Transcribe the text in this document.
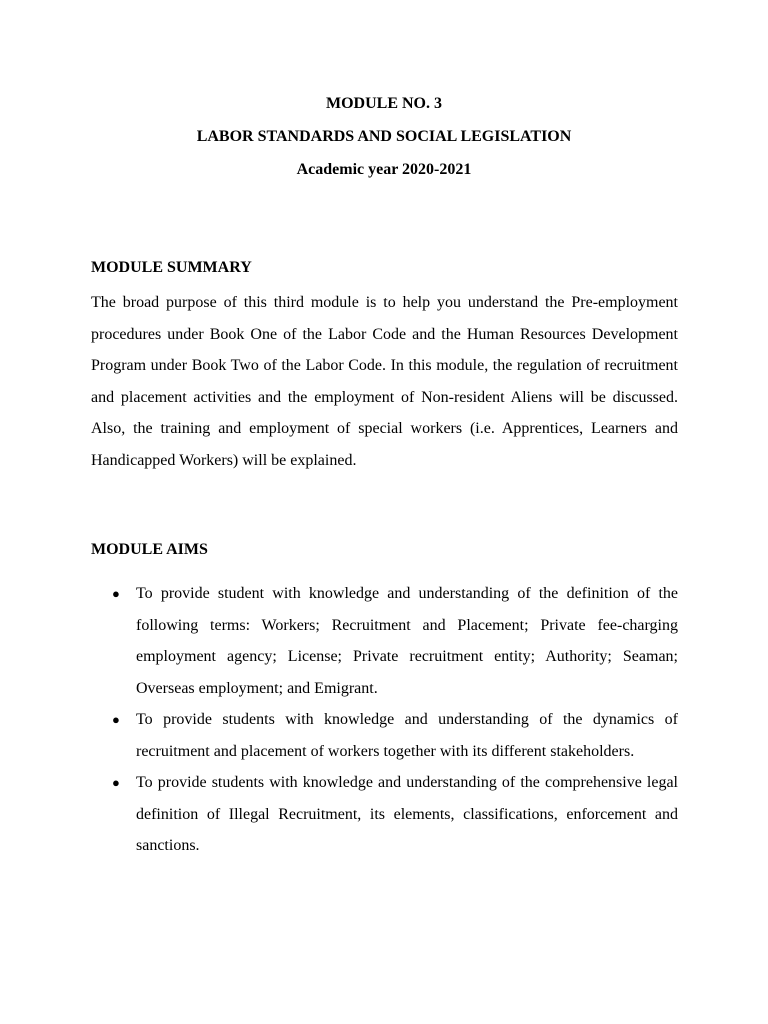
MODULE NO. 3

LABOR STANDARDS AND SOCIAL LEGISLATION

Academic year 2020-2021

MODULE SUMMARY

The broad purpose of this third module is to help you understand the Pre-employment procedures under Book One of the Labor Code and the Human Resources Development Program under Book Two of the Labor Code. In this module, the regulation of recruitment and placement activities and the employment of Non-resident Aliens will be discussed. Also, the training and employment of special workers (i.e. Apprentices, Learners and Handicapped Workers) will be explained.

MODULE AIMS

● To provide student with knowledge and understanding of the definition of the following terms: Workers; Recruitment and Placement; Private fee-charging employment agency; License; Private recruitment entity; Authority; Seaman; Overseas employment; and Emigrant.
● To provide students with knowledge and understanding of the dynamics of recruitment and placement of workers together with its different stakeholders.
● To provide students with knowledge and understanding of the comprehensive legal definition of Illegal Recruitment, its elements, classifications, enforcement and sanctions.
